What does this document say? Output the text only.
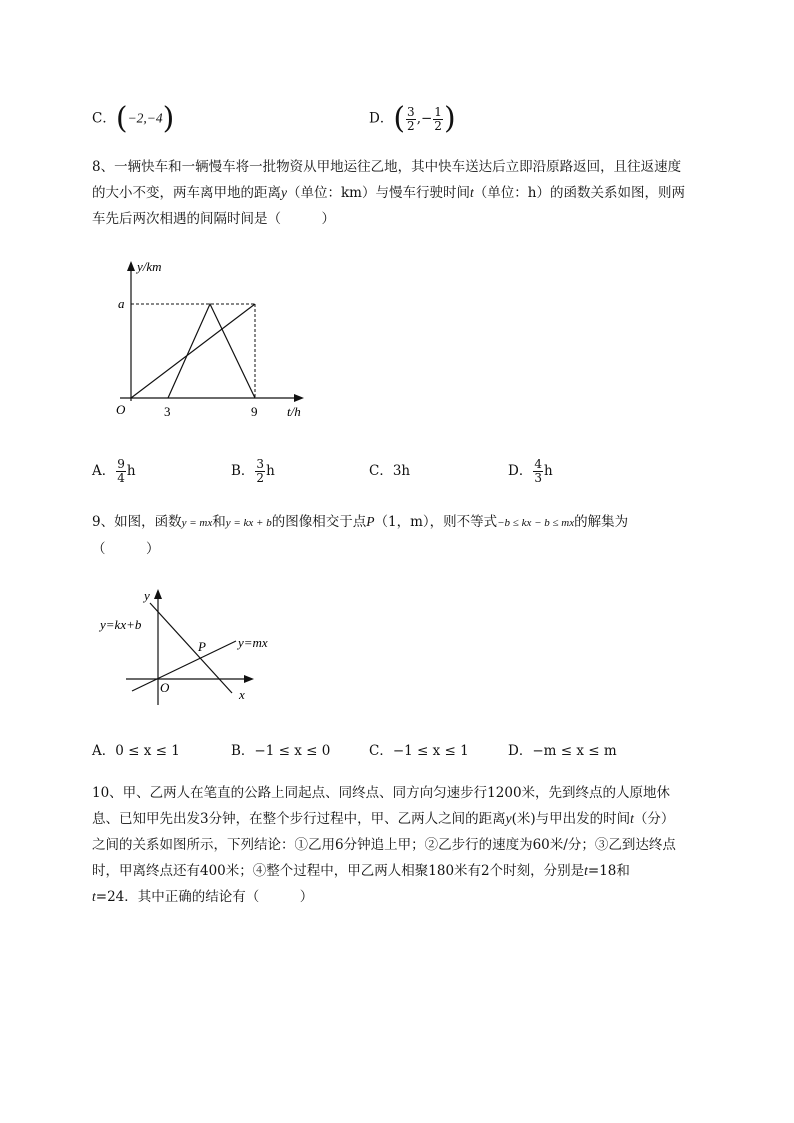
C．(−2,−4)	D．( $\frac{3}{2}$ ,− $\frac{1}{2}$ )
8、一辆快车和一辆慢车将一批物资从甲地运往乙地，其中快车送达后立即沿原路返回，且往返速度
的大小不变，两车离甲地的距离y（单位：km）与慢车行驶时间t（单位：h）的函数关系如图，则两
车先后两次相遇的间隔时间是（　　　）
y/km
a
O	3	9 t/h
A． $\frac{9}{4}$ h	B． $\frac{3}{2}$ h	C．3h	D． $\frac{4}{3}$ h
9、如图，函数y = mx和y = kx + b的图像相交于点P（1，m），则不等式−b ≤ kx − b ≤ mx的解集为
（　　　）
y
y=kx+b
P y=mx
O	x
A．0 ≤ x ≤ 1	B．−1 ≤ x ≤ 0	C．−1 ≤ x ≤ 1	D．−m ≤ x ≤ m
10、甲、乙两人在笔直的公路上同起点、同终点、同方向匀速步行1200米，先到终点的人原地休
息、已知甲先出发3分钟，在整个步行过程中，甲、乙两人之间的距离y(米)与甲出发的时间t（分）
之间的关系如图所示，下列结论：①乙用6分钟追上甲；②乙步行的速度为60米/分；③乙到达终点
时，甲离终点还有400米；④整个过程中，甲乙两人相聚180米有2个时刻，分别是t=18和
t=24．其中正确的结论有（　　　）
